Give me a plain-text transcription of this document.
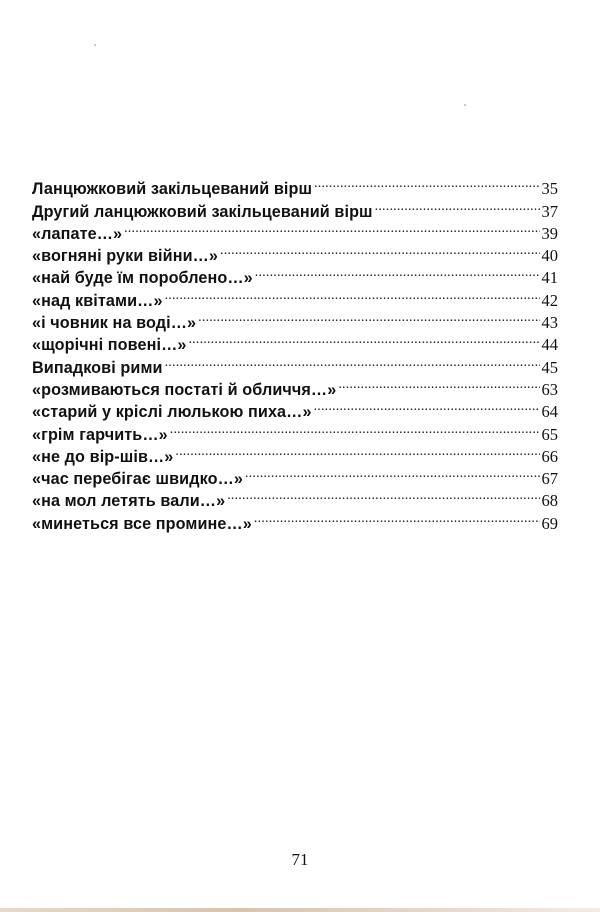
Ланцюжковий закільцеваний вірш .....	35
Другий ланцюжковий закільцеваний вірш .....	37
«лапате…» .....	39
«вогняні руки війни…» .....	40
«най буде їм пороблено…» .....	41
«над квітами…» .....	42
«і човник на воді…» .....	43
«щорічні повені…» .....	44
Випадкові рими .....	45
«розмиваються постаті й обличчя…» .....	63
«старий у кріслі люлькою пиха…» .....	64
«грім гарчить…» .....	65
«не до вір-шів…» .....	66
«час перебігає швидко…» .....	67
«на мол летять вали…» .....	68
«минеться все промине…» .....	69
71
